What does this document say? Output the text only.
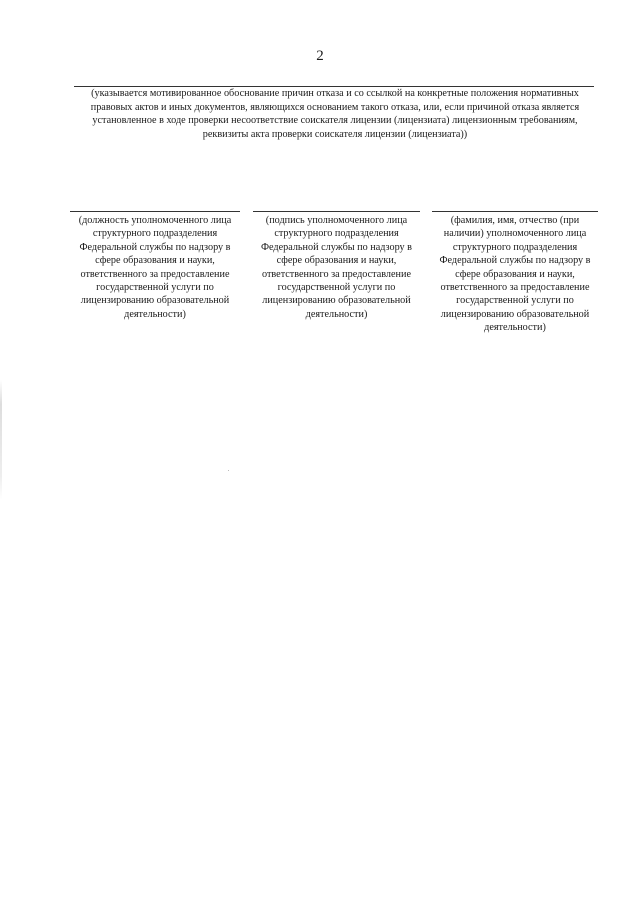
2
(указывается мотивированное обоснование причин отказа и со ссылкой на конкретные положения нормативных правовых актов и иных документов, являющихся основанием такого отказа, или, если причиной отказа является установленное в ходе проверки несоответствие соискателя лицензии (лицензиата) лицензионным требованиям, реквизиты акта проверки соискателя лицензии (лицензиата))
(должность уполномоченного лица структурного подразделения Федеральной службы по надзору в сфере образования и науки, ответственного за предоставление государственной услуги по лицензированию образовательной деятельности)
(подпись уполномоченного лица структурного подразделения Федеральной службы по надзору в сфере образования и науки, ответственного за предоставление государственной услуги по лицензированию образовательной деятельности)
(фамилия, имя, отчество (при наличии) уполномоченного лица структурного подразделения Федеральной службы по надзору в сфере образования и науки, ответственного за предоставление государственной услуги по лицензированию образовательной деятельности)
